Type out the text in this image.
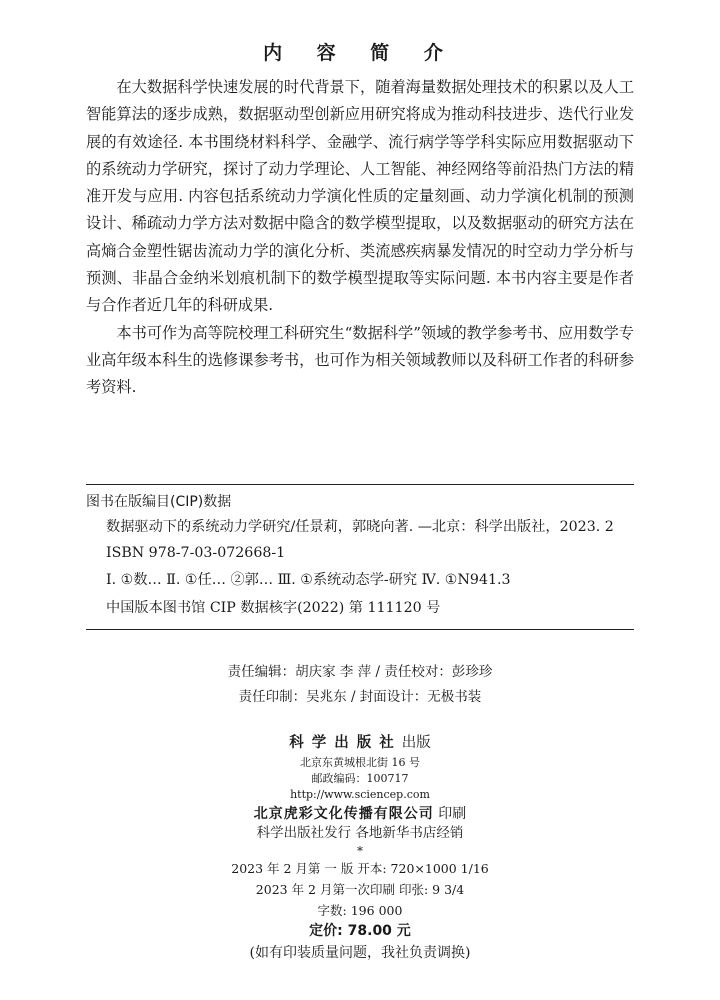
内 容 简 介

在大数据科学快速发展的时代背景下，随着海量数据处理技术的积累以及人工智能算法的逐步成熟，数据驱动型创新应用研究将成为推动科技进步、迭代行业发展的有效途径. 本书围绕材料科学、金融学、流行病学等学科实际应用数据驱动下的系统动力学研究，探讨了动力学理论、人工智能、神经网络等前沿热门方法的精准开发与应用. 内容包括系统动力学演化性质的定量刻画、动力学演化机制的预测设计、稀疏动力学方法对数据中隐含的数学模型提取，以及数据驱动的研究方法在高熵合金塑性锯齿流动力学的演化分析、类流感疾病暴发情况的时空动力学分析与预测、非晶合金纳米划痕机制下的数学模型提取等实际问题. 本书内容主要是作者与合作者近几年的科研成果.

本书可作为高等院校理工科研究生“数据科学”领域的教学参考书、应用数学专业高年级本科生的选修课参考书，也可作为相关领域教师以及科研工作者的科研参考资料.

图书在版编目(CIP)数据
数据驱动下的系统动力学研究/任景莉，郭晓向著. —北京：科学出版社，2023. 2
ISBN 978-7-03-072668-1
Ⅰ. ①数… Ⅱ. ①任… ②郭… Ⅲ. ①系统动态学-研究 Ⅳ. ①N941.3
中国版本图书馆 CIP 数据核字(2022) 第 111120 号
责任编辑：胡庆家 李 萍 / 责任校对：彭珍珍
责任印制：吴兆东 / 封面设计：无极书装
科学出版社出版
北京东黄城根北街 16 号
邮政编码：100717
http://www.sciencep.com
北京虎彩文化传播有限公司 印刷
科学出版社发行 各地新华书店经销
*
2023 年 2 月第 一 版 开本: 720×1000 1/16
2023 年 2 月第一次印刷 印张: 9 3/4
字数: 196 000
定价: 78.00 元
(如有印装质量问题，我社负责调换)
